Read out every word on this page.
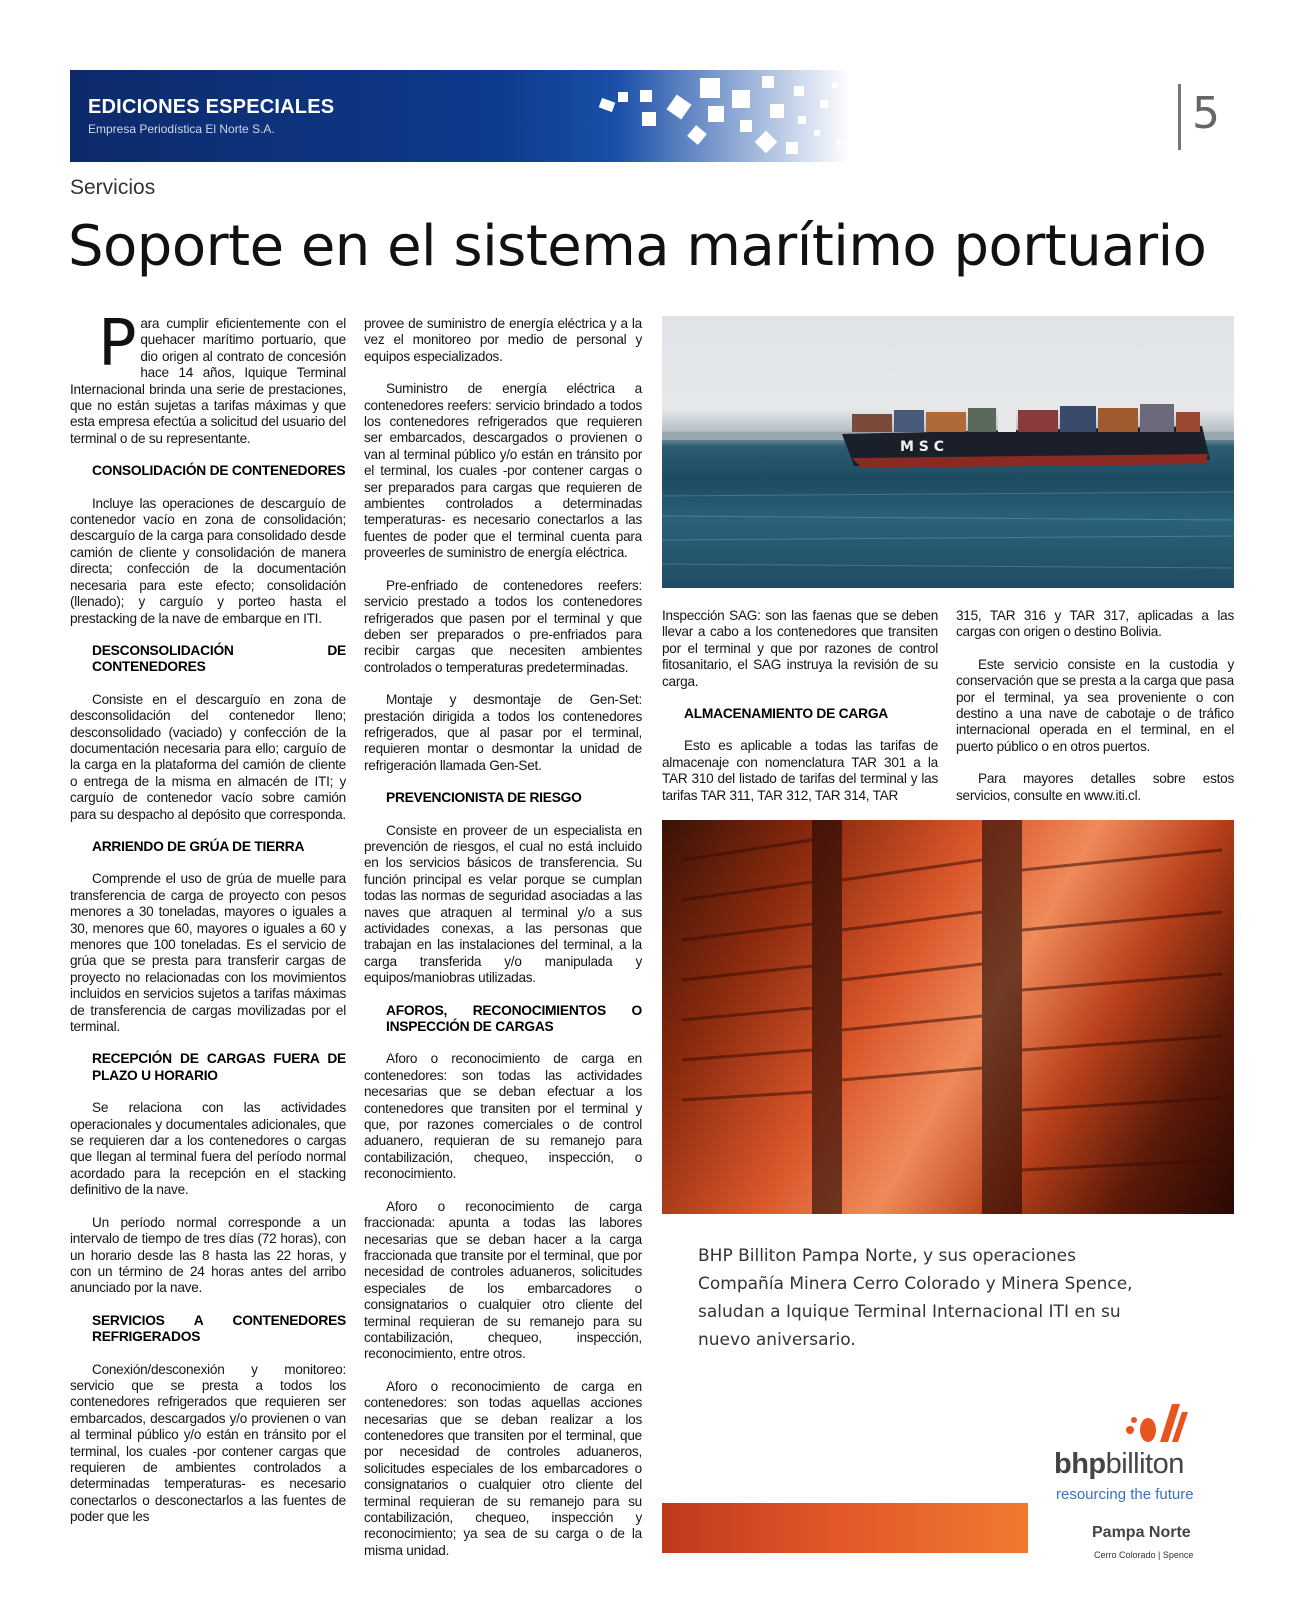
EDICIONES ESPECIALES
Empresa Periodística El Norte S.A.	5
Servicios
Soporte en el sistema marítimo portuario

Para cumplir eficientemente con el quehacer marítimo portuario, que dio origen al contrato de concesión hace 14 años, Iquique Terminal Internacional brinda una serie de prestaciones, que no están sujetas a tarifas máximas y que esta empresa efectúa a solicitud del usuario del terminal o de su representante.

CONSOLIDACIÓN DE CONTENEDORES

Incluye las operaciones de descarguío de contenedor vacío en zona de consolidación; descarguío de la carga para consolidado desde camión de cliente y consolidación de manera directa; confección de la documentación necesaria para este efecto; consolidación (llenado); y carguío y porteo hasta el prestacking de la nave de embarque en ITI.

DESCONSOLIDACIÓN DE CONTENEDORES

Consiste en el descarguío en zona de desconsolidación del contenedor lleno; desconsolidado (vaciado) y confección de la documentación necesaria para ello; carguío de la carga en la plataforma del camión de cliente o entrega de la misma en almacén de ITI; y carguío de contenedor vacío sobre camión para su despacho al depósito que corresponda.

ARRIENDO DE GRÚA DE TIERRA

Comprende el uso de grúa de muelle para transferencia de carga de proyecto con pesos menores a 30 toneladas, mayores o iguales a 30, menores que 60, mayores o iguales a 60 y menores que 100 toneladas. Es el servicio de grúa que se presta para transferir cargas de proyecto no relacionadas con los movimientos incluidos en servicios sujetos a tarifas máximas de transferencia de cargas movilizadas por el terminal.

RECEPCIÓN DE CARGAS FUERA DE PLAZO U HORARIO

Se relaciona con las actividades operacionales y documentales adicionales, que se requieren dar a los contenedores o cargas que llegan al terminal fuera del período normal acordado para la recepción en el stacking definitivo de la nave.

Un período normal corresponde a un intervalo de tiempo de tres días (72 horas), con un horario desde las 8 hasta las 22 horas, y con un término de 24 horas antes del arribo anunciado por la nave.

SERVICIOS A CONTENEDORES REFRIGERADOS

Conexión/desconexión y monitoreo: servicio que se presta a todos los contenedores refrigerados que requieren ser embarcados, descargados y/o provienen o van al terminal público y/o están en tránsito por el terminal, los cuales -por contener cargas que requieren de ambientes controlados a determinadas temperaturas- es necesario conectarlos o desconectarlos a las fuentes de poder que les

provee de suministro de energía eléctrica y a la vez el monitoreo por medio de personal y equipos especializados.

Suministro de energía eléctrica a contenedores reefers: servicio brindado a todos los contenedores refrigerados que requieren ser embarcados, descargados o provienen o van al terminal público y/o están en tránsito por el terminal, los cuales -por contener cargas o ser preparados para cargas que requieren de ambientes controlados a determinadas temperaturas- es necesario conectarlos a las fuentes de poder que el terminal cuenta para proveerles de suministro de energía eléctrica.

Pre-enfriado de contenedores reefers: servicio prestado a todos los contenedores refrigerados que pasen por el terminal y que deben ser preparados o pre-enfriados para recibir cargas que necesiten ambientes controlados o temperaturas predeterminadas.

Montaje y desmontaje de Gen-Set: prestación dirigida a todos los contenedores refrigerados, que al pasar por el terminal, requieren montar o desmontar la unidad de refrigeración llamada Gen-Set.

PREVENCIONISTA DE RIESGO

Consiste en proveer de un especialista en prevención de riesgos, el cual no está incluido en los servicios básicos de transferencia. Su función principal es velar porque se cumplan todas las normas de seguridad asociadas a las naves que atraquen al terminal y/o a sus actividades conexas, a las personas que trabajan en las instalaciones del terminal, a la carga transferida y/o manipulada y equipos/maniobras utilizadas.

AFOROS, RECONOCIMIENTOS O INSPECCIÓN DE CARGAS

Aforo o reconocimiento de carga en contenedores: son todas las actividades necesarias que se deban efectuar a los contenedores que transiten por el terminal y que, por razones comerciales o de control aduanero, requieran de su remanejo para contabilización, chequeo, inspección, o reconocimiento.

Aforo o reconocimiento de carga fraccionada: apunta a todas las labores necesarias que se deban hacer a la carga fraccionada que transite por el terminal, que por necesidad de controles aduaneros, solicitudes especiales de los embarcadores o consignatarios o cualquier otro cliente del terminal requieran de su remanejo para su contabilización, chequeo, inspección, reconocimiento, entre otros.

Aforo o reconocimiento de carga en contenedores: son todas aquellas acciones necesarias que se deban realizar a los contenedores que transiten por el terminal, que por necesidad de controles aduaneros, solicitudes especiales de los embarcadores o consignatarios o cualquier otro cliente del terminal requieran de su remanejo para su contabilización, chequeo, inspección y reconocimiento; ya sea de su carga o de la misma unidad.

M S C

Inspección SAG: son las faenas que se deben llevar a cabo a los contenedores que transiten por el terminal y que por razones de control fitosanitario, el SAG instruya la revisión de su carga.

ALMACENAMIENTO DE CARGA

Esto es aplicable a todas las tarifas de almacenaje con nomenclatura TAR 301 a la TAR 310 del listado de tarifas del terminal y las tarifas TAR 311, TAR 312, TAR 314, TAR

315, TAR 316 y TAR 317, aplicadas a las cargas con origen o destino Bolivia.

Este servicio consiste en la custodia y conservación que se presta a la carga que pasa por el terminal, ya sea proveniente o con destino a una nave de cabotaje o de tráfico internacional operada en el terminal, en el puerto público o en otros puertos.

Para mayores detalles sobre estos servicios, consulte en www.iti.cl.

BHP Billiton Pampa Norte, y sus operaciones Compañía Minera Cerro Colorado y Minera Spence, saludan a Iquique Terminal Internacional ITI en su nuevo aniversario.
bhpbilliton
resourcing the future
Pampa Norte
Cerro Colorado | Spence
